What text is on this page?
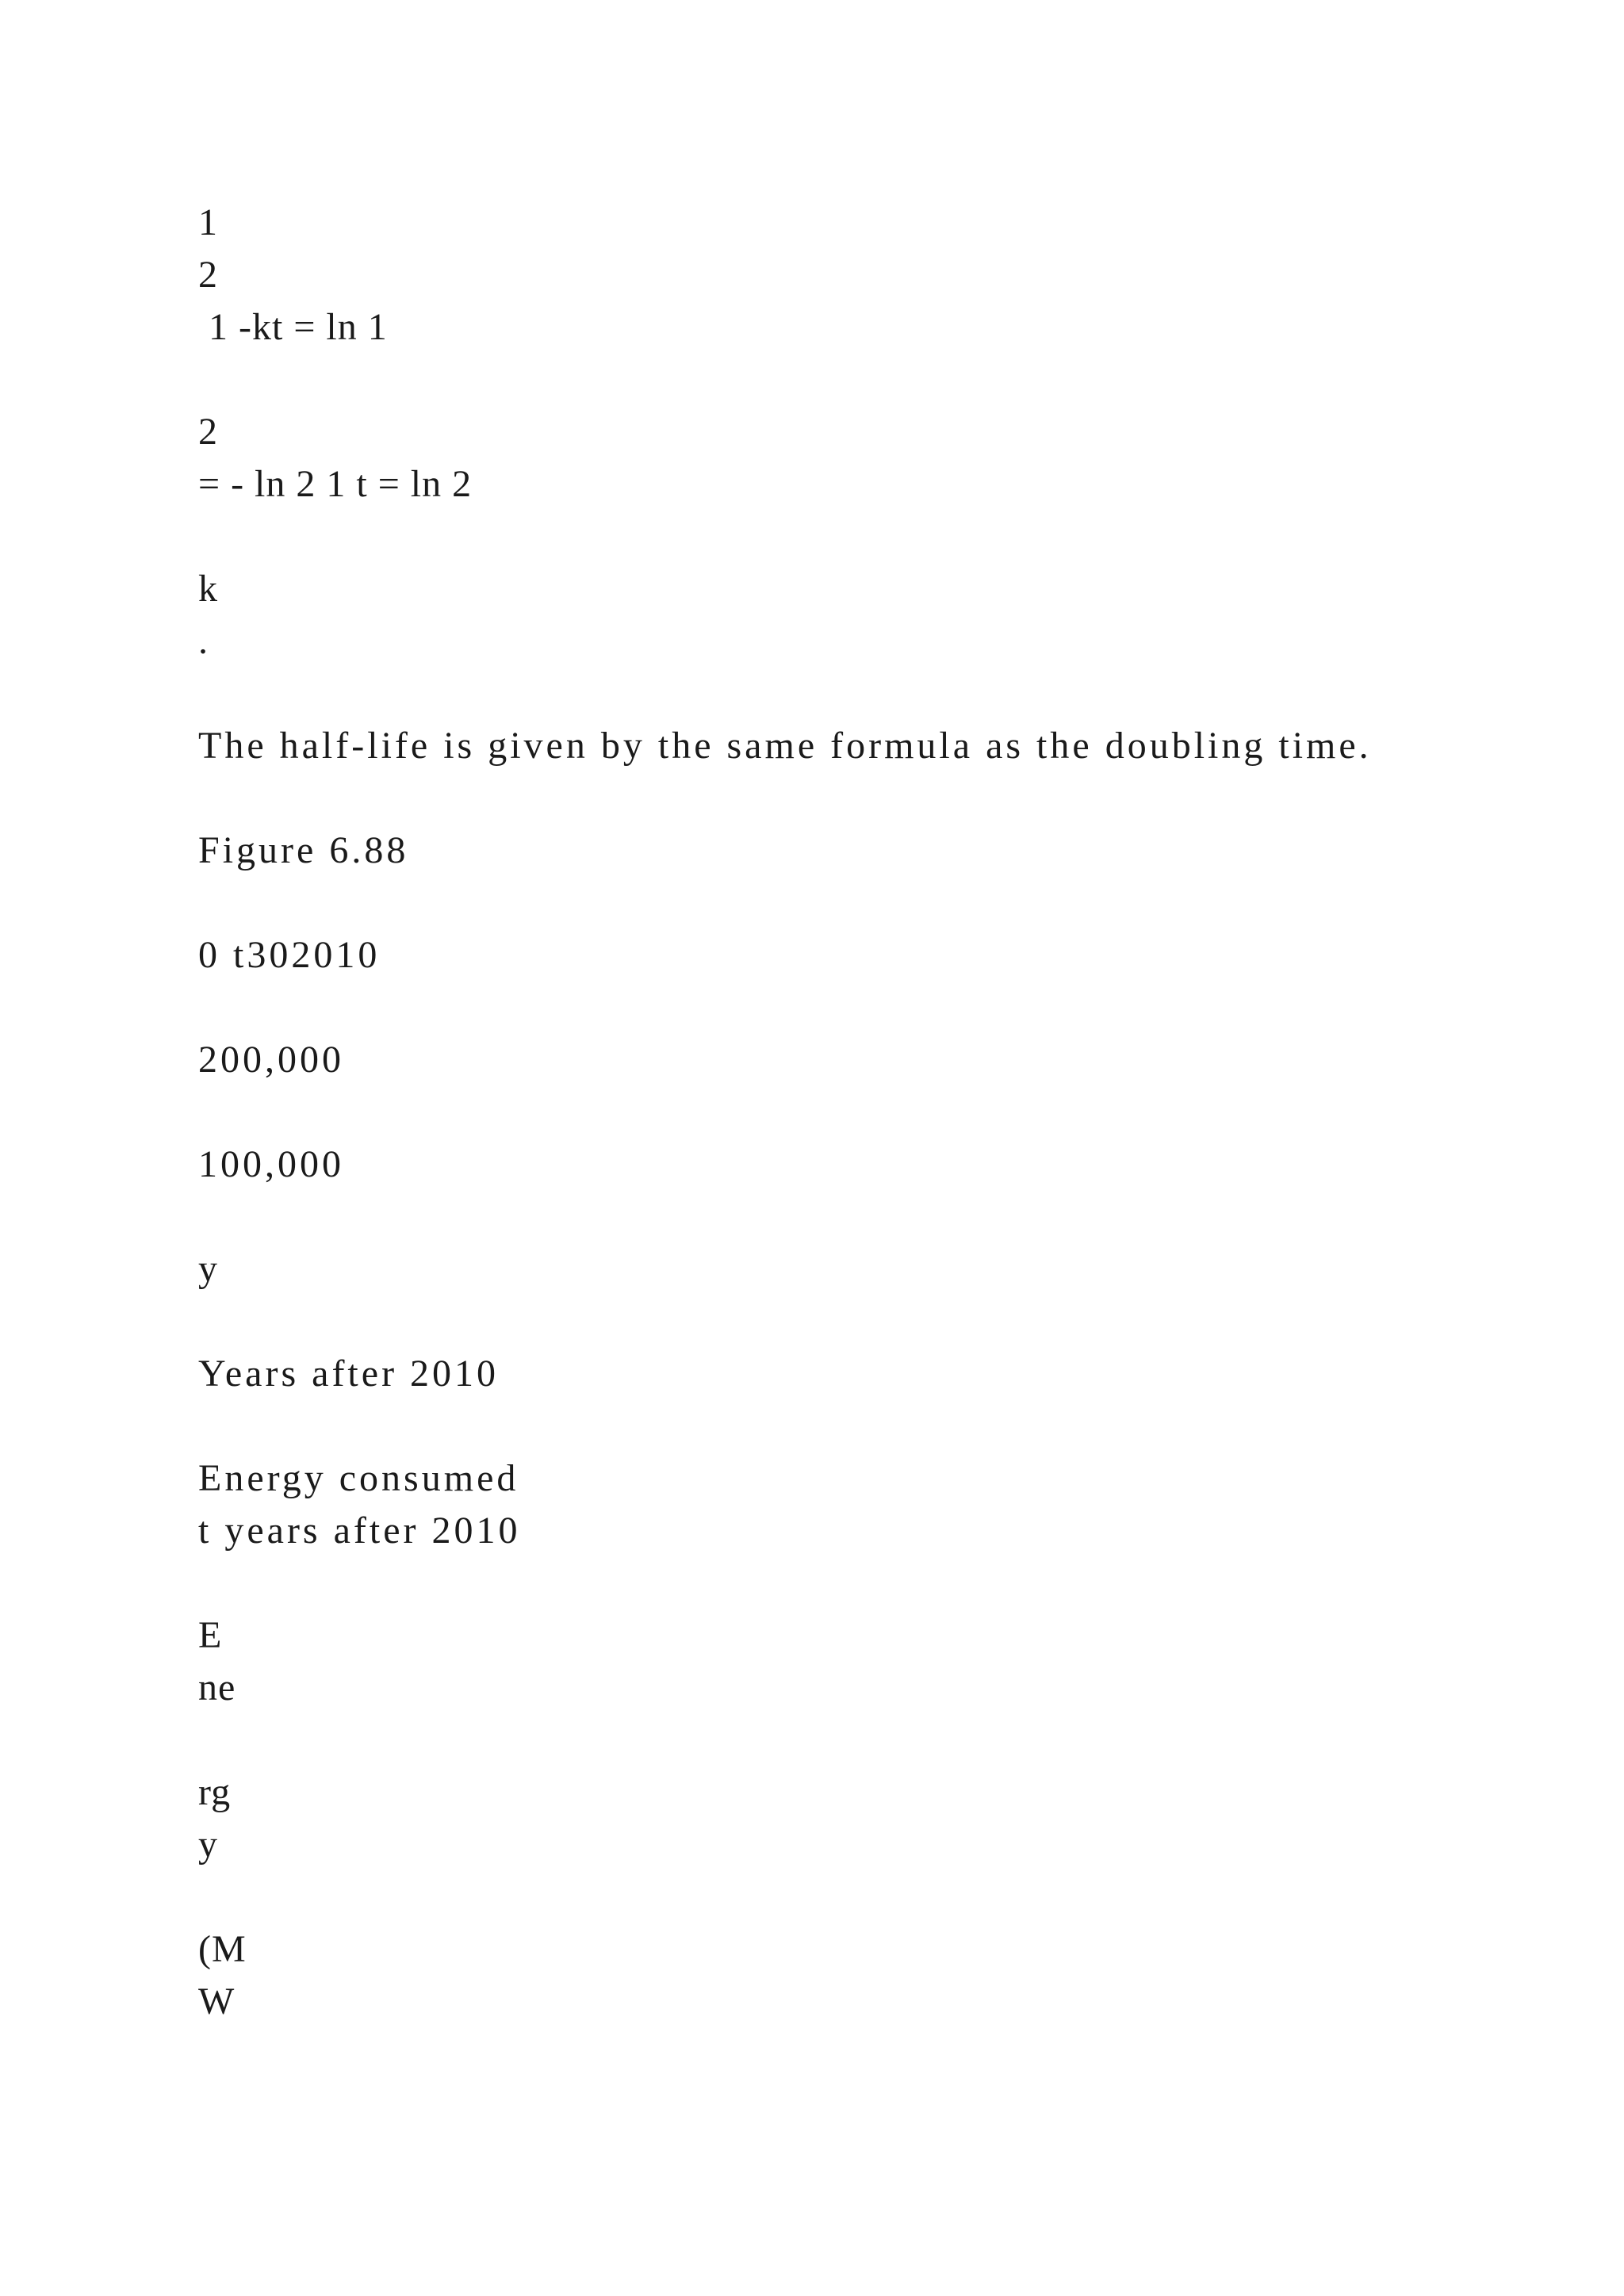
1
2
1 -kt = ln 1
2
= - ln 2 1 t = ln 2
k
.
The half-life is given by the same formula as the doubling time.
Figure 6.88
0 t302010
200,000
100,000
y
Years after 2010
Energy consumed
t years after 2010
E
ne
rg
y
(M
W
